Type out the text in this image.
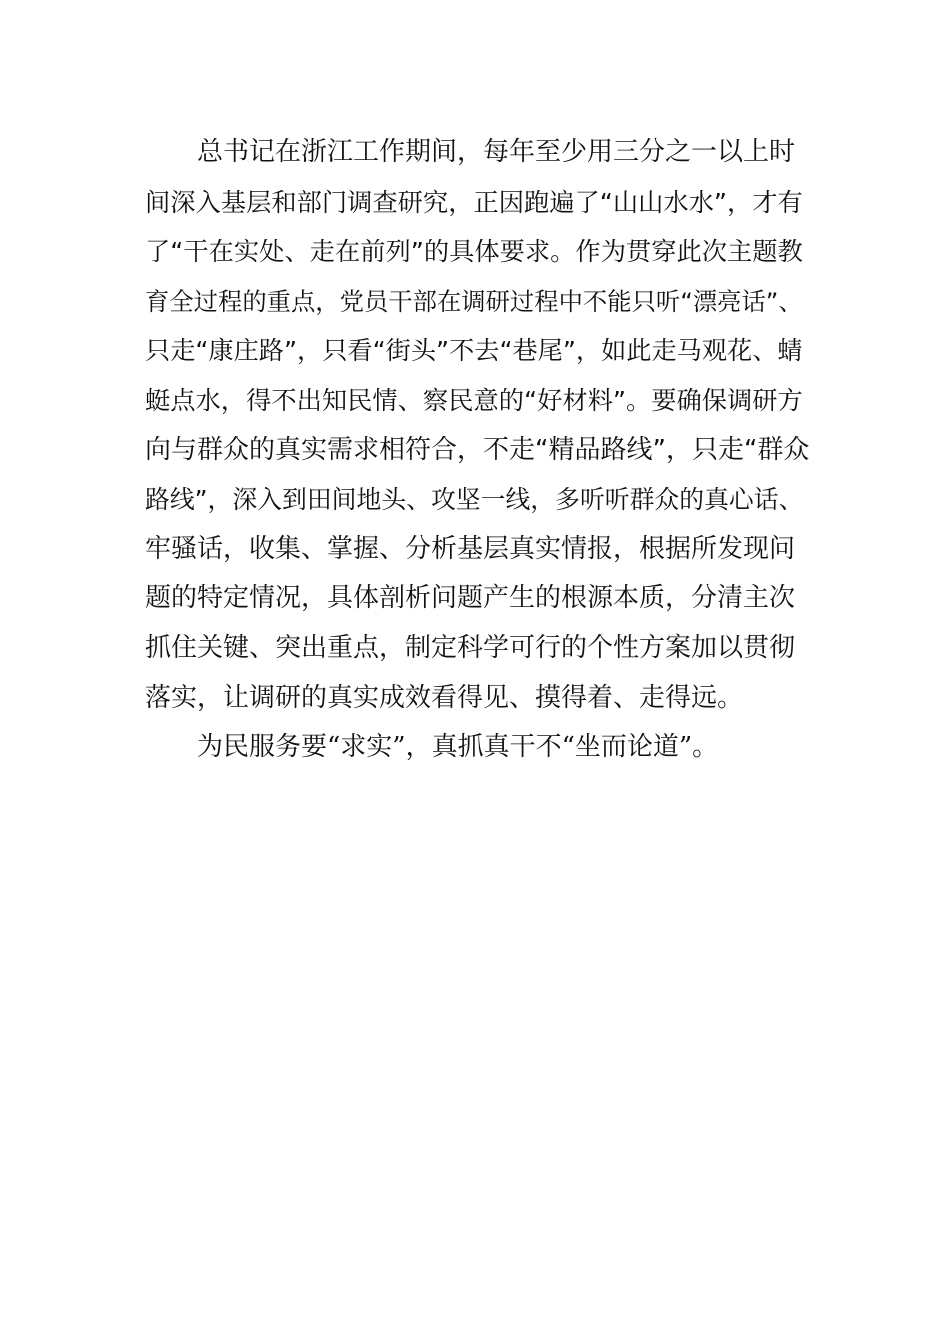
总书记在浙江工作期间，每年至少用三分之一以上时
间深入基层和部门调查研究，正因跑遍了“山山水水”，才有
了“干在实处、走在前列”的具体要求。作为贯穿此次主题教
育全过程的重点，党员干部在调研过程中不能只听“漂亮话”、
只走“康庄路”，只看“街头”不去“巷尾”，如此走马观花、蜻
蜓点水，得不出知民情、察民意的“好材料”。要确保调研方
向与群众的真实需求相符合，不走“精品路线”，只走“群众
路线”，深入到田间地头、攻坚一线，多听听群众的真心话、
牢骚话，收集、掌握、分析基层真实情报，根据所发现问
题的特定情况，具体剖析问题产生的根源本质，分清主次
抓住关键、突出重点，制定科学可行的个性方案加以贯彻
落实，让调研的真实成效看得见、摸得着、走得远。
为民服务要“求实”，真抓真干不“坐而论道”。
